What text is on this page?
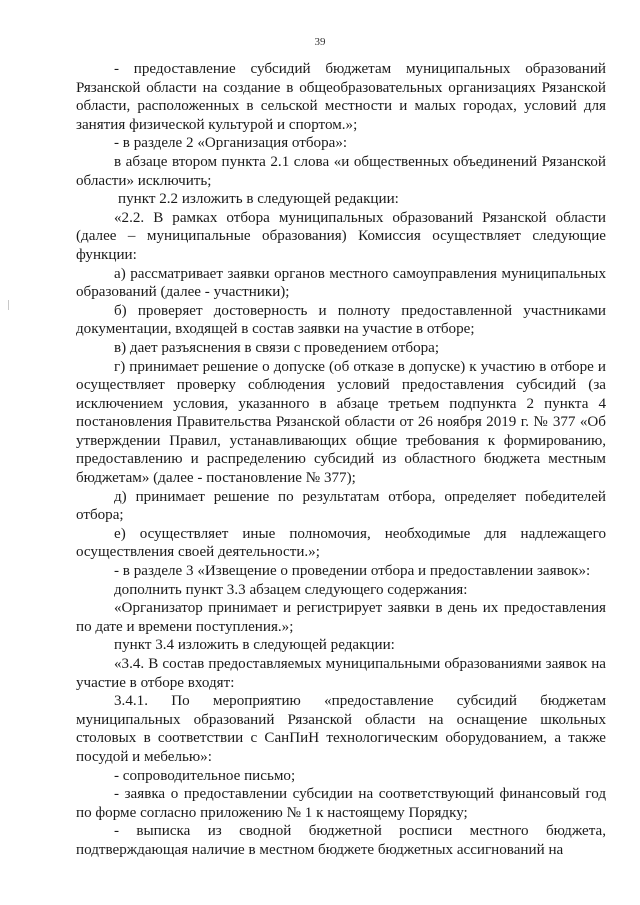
39

- предоставление субсидий бюджетам муниципальных образований Рязанской области на создание в общеобразовательных организациях Рязанской области, расположенных в сельской местности и малых городах, условий для занятия физической культурой и спортом.»;

- в разделе 2 «Организация отбора»:

в абзаце втором пункта 2.1 слова «и общественных объединений Рязанской области» исключить;

пункт 2.2 изложить в следующей редакции:

«2.2. В рамках отбора муниципальных образований Рязанской области (далее – муниципальные образования) Комиссия осуществляет следующие функции:

а) рассматривает заявки органов местного самоуправления муниципальных образований (далее - участники);

б) проверяет достоверность и полноту предоставленной участниками документации, входящей в состав заявки на участие в отборе;

в) дает разъяснения в связи с проведением отбора;

г) принимает решение о допуске (об отказе в допуске) к участию в отборе и осуществляет проверку соблюдения условий предоставления субсидий (за исключением условия, указанного в абзаце третьем подпункта 2 пункта 4 постановления Правительства Рязанской области от 26 ноября 2019 г. № 377 «Об утверждении Правил, устанавливающих общие требования к формированию, предоставлению и распределению субсидий из областного бюджета местным бюджетам» (далее - постановление № 377);

д) принимает решение по результатам отбора, определяет победителей отбора;

е) осуществляет иные полномочия, необходимые для надлежащего осуществления своей деятельности.»;

- в разделе 3 «Извещение о проведении отбора и предоставлении заявок»:

дополнить пункт 3.3 абзацем следующего содержания:

«Организатор принимает и регистрирует заявки в день их предоставления по дате и времени поступления.»;

пункт 3.4 изложить в следующей редакции:

«3.4. В состав предоставляемых муниципальными образованиями заявок на участие в отборе входят:

3.4.1. По мероприятию «предоставление субсидий бюджетам муниципальных образований Рязанской области на оснащение школьных столовых в соответствии с СанПиН технологическим оборудованием, а также посудой и мебелью»:

- сопроводительное письмо;

- заявка о предоставлении субсидии на соответствующий финансовый год по форме согласно приложению № 1 к настоящему Порядку;

- выписка из сводной бюджетной росписи местного бюджета, подтверждающая наличие в местном бюджете бюджетных ассигнований на
